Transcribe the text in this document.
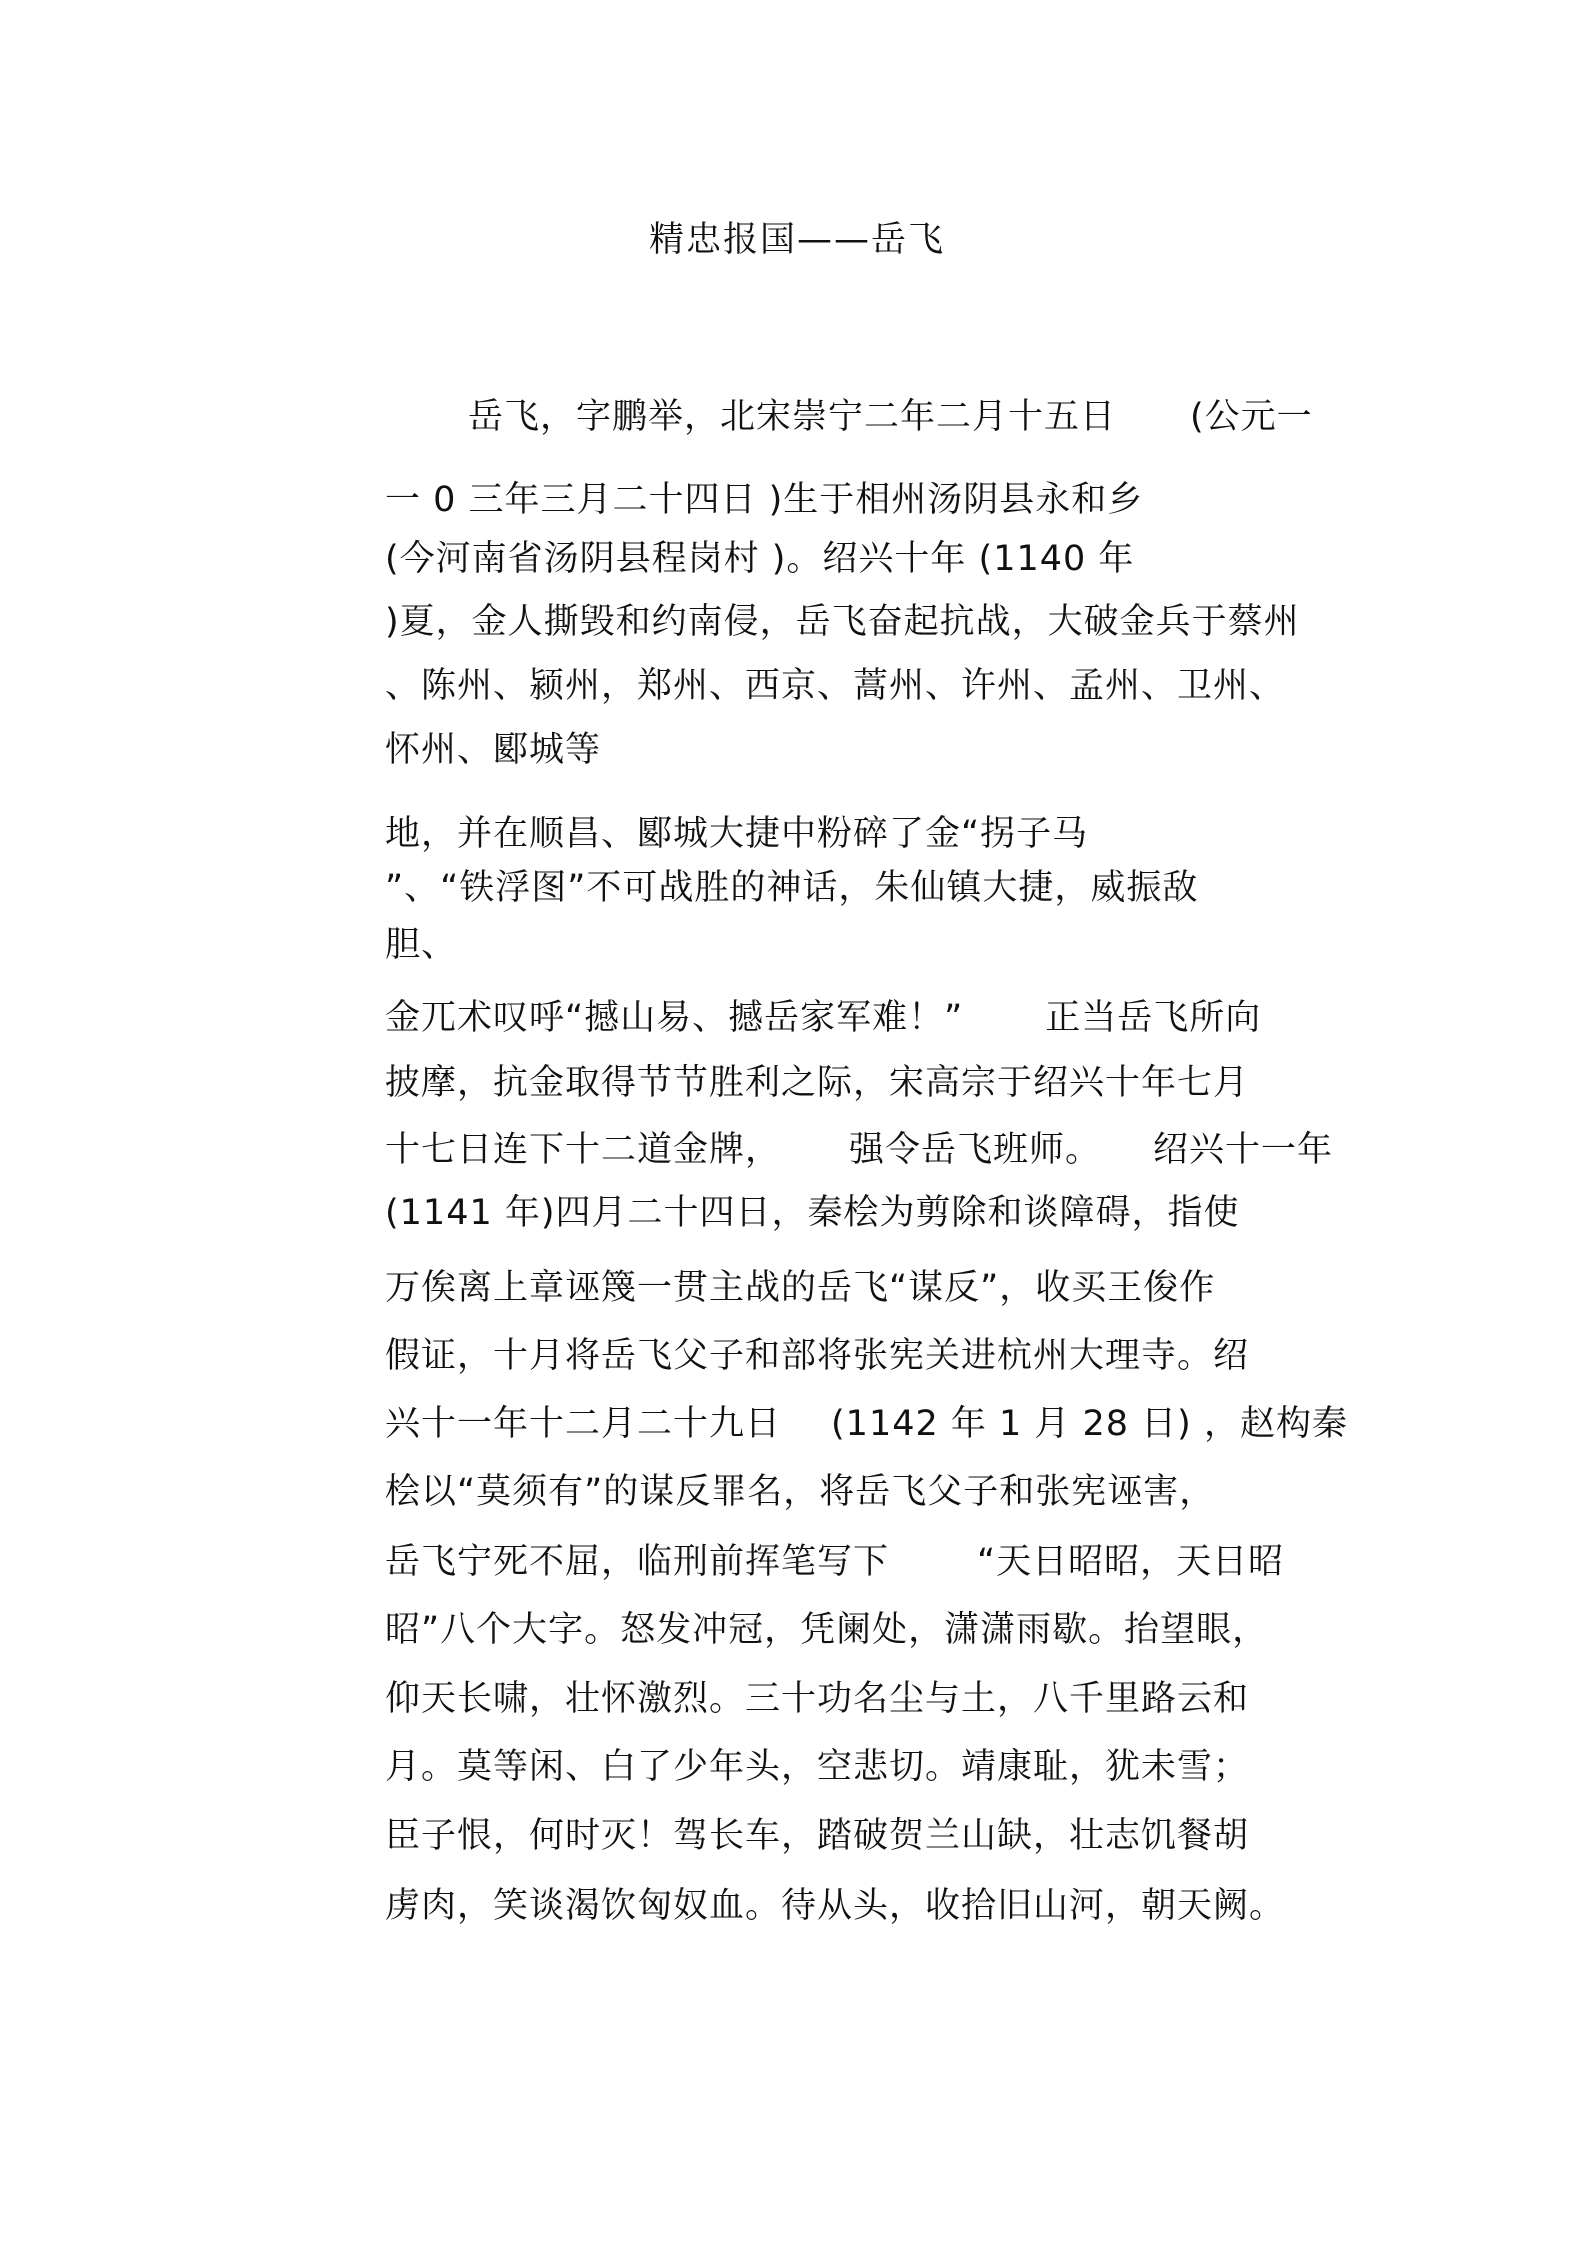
精忠报国——岳飞
岳飞，字鹏举，北宋崇宁二年二月十五日 (公元一
一 0 三年三月二十四日 )生于相州汤阴县永和乡
(今河南省汤阴县程岗村 )。绍兴十年 (1140 年
)夏，金人撕毁和约南侵，岳飞奋起抗战，大破金兵于蔡州
、陈州、颍州，郑州、西京、蒿州、许州、孟州、卫州、
怀州、郾城等
地，并在顺昌、郾城大捷中粉碎了金“拐子马
”、“铁浮图”不可战胜的神话，朱仙镇大捷，威振敌
胆、
金兀术叹呼“撼山易、撼岳家军难！” 正当岳飞所向
披摩，抗金取得节节胜利之际，宋高宗于绍兴十年七月
十七日连下十二道金牌， 强令岳飞班师。 绍兴十一年
(1141 年)四月二十四日，秦桧为剪除和谈障碍，指使
万俟离上章诬篾一贯主战的岳飞“谋反”，收买王俊作
假证，十月将岳飞父子和部将张宪关进杭州大理寺。绍
兴十一年十二月二十九日 (1142 年 1 月 28 日) ，赵构秦
桧以“莫须有”的谋反罪名，将岳飞父子和张宪诬害，
岳飞宁死不屈，临刑前挥笔写下	“天日昭昭，天日昭
昭”八个大字。怒发冲冠，凭阑处，潇潇雨歇。抬望眼，
仰天长啸，壮怀激烈。三十功名尘与土，八千里路云和
月。莫等闲、白了少年头，空悲切。靖康耻，犹未雪；
臣子恨，何时灭！驾长车，踏破贺兰山缺，壮志饥餐胡
虏肉，笑谈渴饮匈奴血。待从头，收拾旧山河，朝天阙。
